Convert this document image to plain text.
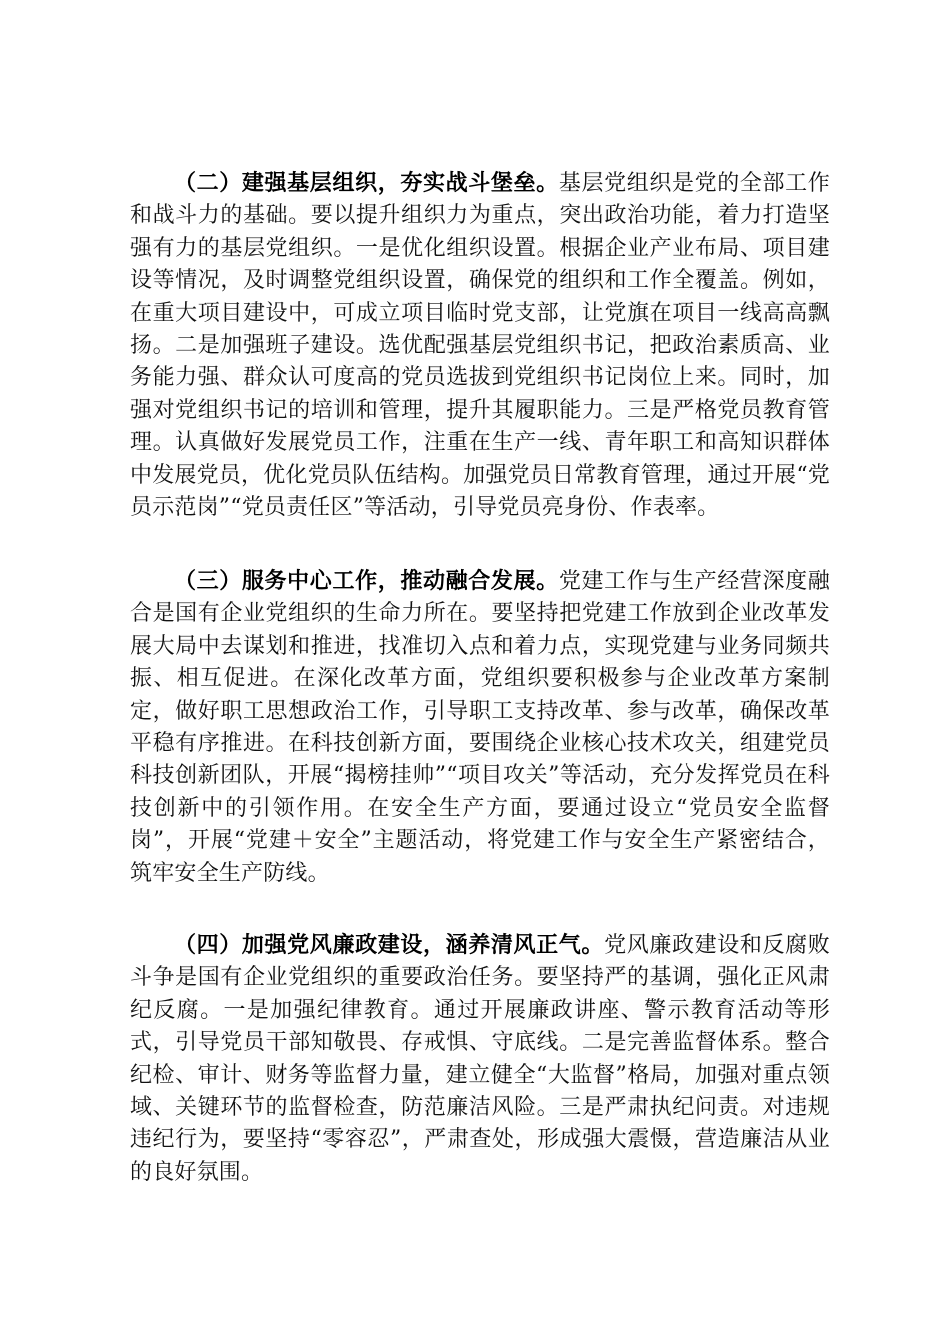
（二）建强基层组织，夯实战斗堡垒。基层党组织是党的全部工作和战斗力的基础。要以提升组织力为重点，突出政治功能，着力打造坚强有力的基层党组织。一是优化组织设置。根据企业产业布局、项目建设等情况，及时调整党组织设置，确保党的组织和工作全覆盖。例如，在重大项目建设中，可成立项目临时党支部，让党旗在项目一线高高飘扬。二是加强班子建设。选优配强基层党组织书记，把政治素质高、业务能力强、群众认可度高的党员选拔到党组织书记岗位上来。同时，加强对党组织书记的培训和管理，提升其履职能力。三是严格党员教育管理。认真做好发展党员工作，注重在生产一线、青年职工和高知识群体中发展党员，优化党员队伍结构。加强党员日常教育管理，通过开展“党员示范岗”“党员责任区”等活动，引导党员亮身份、作表率。

（三）服务中心工作，推动融合发展。党建工作与生产经营深度融合是国有企业党组织的生命力所在。要坚持把党建工作放到企业改革发展大局中去谋划和推进，找准切入点和着力点，实现党建与业务同频共振、相互促进。在深化改革方面，党组织要积极参与企业改革方案制定，做好职工思想政治工作，引导职工支持改革、参与改革，确保改革平稳有序推进。在科技创新方面，要围绕企业核心技术攻关，组建党员科技创新团队，开展“揭榜挂帅”“项目攻关”等活动，充分发挥党员在科技创新中的引领作用。在安全生产方面，要通过设立“党员安全监督岗”，开展“党建＋安全”主题活动，将党建工作与安全生产紧密结合，筑牢安全生产防线。

（四）加强党风廉政建设，涵养清风正气。党风廉政建设和反腐败斗争是国有企业党组织的重要政治任务。要坚持严的基调，强化正风肃纪反腐。一是加强纪律教育。通过开展廉政讲座、警示教育活动等形式，引导党员干部知敬畏、存戒惧、守底线。二是完善监督体系。整合纪检、审计、财务等监督力量，建立健全“大监督”格局，加强对重点领域、关键环节的监督检查，防范廉洁风险。三是严肃执纪问责。对违规违纪行为，要坚持“零容忍”，严肃查处，形成强大震慑，营造廉洁从业的良好氛围。
